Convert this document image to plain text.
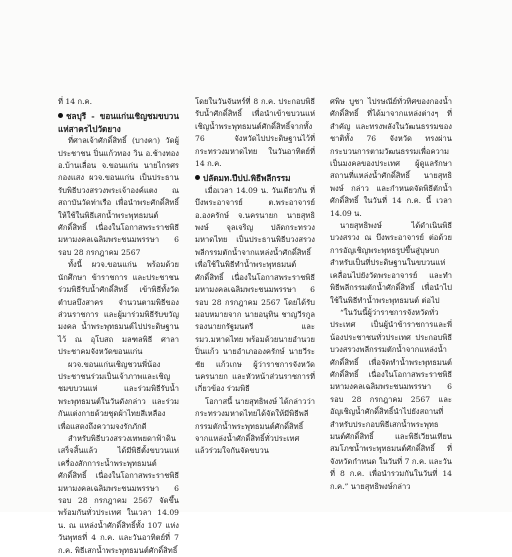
ที่ 14 ก.ค.

ชลบุรี - ขอนแก่นเชิญชมขบวนแห่สาครไปวัดยาง

ที่ศาลเจ้าศักดิ์สิทธิ์ (บางคา) วัดผู้ประชาชน ปิ่นแก้วทอง วิน อ.ช้างทอง อ.บ้านเลื่อน จ.ขอนแก่น นายไกรศร กองแสง ผวจ.ขอนแก่น เป็นประธานรับพิธีบวงสรวงพระเจ้าองค์แตง ณ สถาบันวัดท่าเรือ เพื่อนำพระศักดิ์สิทธิ์ ให้ใช้ในพิธีเสกน้ำพระพุทธมนต์ศักดิ์สิทธิ์ เนื่องในโอกาสพระราชพิธีมหามงคลเฉลิมพระชนมพรรษา 6 รอบ 28 กรกฎาคม 2567

ทั้งนี้ ผวจ.ขอนแก่น พร้อมด้วยนักศึกษา ข้าราชการ และประชาชนร่วมพิธีรับน้ำศักดิ์สิทธิ์ เข้าพิธีทั้งวัด ตำบลบึงสาคร จำนวนตามพิธีของส่วนราชการ และผู้มาร่วมพิธีรับขวัญมงคล น้ำพระพุทธมนต์ไปประดิษฐานไว้ ณ อุโบสถ มลฑลพิธี ศาลาประชาคมจังหวัดขอนแก่น

ผวจ.ขอนแก่นเชิญชวนพี่น้องประชาชนร่วมเป็นเจ้าภาพและเชิญชมขบวนแห่ และร่วมพิธีรับน้ำพระพุทธมนต์ในวันดังกล่าว และร่วมกันแต่งกายด้วยชุดผ้าไทยสีเหลือง เพื่อแสดงถึงความจงรักภักดี

สำหรับพิธีบวงสรวงเทพยดาฟ้าดินเสร็จสิ้นแล้ว ได้มีพิธีตั้งขบวนแห่เครื่องสักการะน้ำพระพุทธมนต์ศักดิ์สิทธิ์ เนื่องในโอกาสพระราชพิธีมหามงคลเฉลิมพระชนมพรรษา 6 รอบ 28 กรกฎาคม 2567 จัดขึ้นพร้อมกันทั่วประเทศ ในเวลา 14.09 น. ณ แหล่งน้ำศักดิ์สิทธิ์ทั้ง 107 แห่ง วันพุทธที่ 4 ก.ค. และวันอาทิตย์ที่ 7 ก.ค. พิธีเสกน้ำพระพุทธมนต์ศักดิ์สิทธิ์

โดยในวันจันทร์ที่ 8 ก.ค. ประกอบพิธีรับน้ำศักดิ์สิทธิ์ เพื่อนำเข้าขบวนแห่เชิญน้ำพระพุทธมนต์ศักดิ์สิทธิ์จากทั้ง 76 จังหวัดไปประดิษฐานไว้ที่ กระทรวงมหาดไทย ในวันอาทิตย์ที่ 14 ก.ค.

ปลัดมท.ปีปป.พิธีพลีกรรม

เมื่อเวลา 14.09 น. วันเดียวกัน ที่บึงพระอาจารย์ ต.พระอาจารย์ อ.องครักษ์ จ.นครนายก นายสุทธิพงษ์ จุลเจริญ ปลัดกระทรวงมหาดไทย เป็นประธานพิธีบวงสรวงพลีกรรมตักน้ำจากแหล่งน้ำศักดิ์สิทธิ์ เพื่อใช้ในพิธีทำน้ำพระพุทธมนต์ศักดิ์สิทธิ์ เนื่องในโอกาสพระราชพิธีมหามงคลเฉลิมพระชนมพรรษา 6 รอบ 28 กรกฎาคม 2567 โดยได้รับมอบหมายจาก นายอนุทิน ชาญวีรกูล รองนายกรัฐมนตรี และ รมว.มหาดไทย พร้อมด้วยนายอำนวย ปิ่นแก้ว นายอำเภอองครักษ์ นายวีระชัย แก้วเกษ ผู้ว่าราชการจังหวัดนครนายก และหัวหน้าส่วนราชการที่เกี่ยวข้อง ร่วมพิธี

โอกาสนี้ นายสุทธิพงษ์ ได้กล่าวว่า กระทรวงมหาดไทยได้จัดให้มีพิธีพลีกรรมตักน้ำพระพุทธมนต์ศักดิ์สิทธิ์จากแหล่งน้ำศักดิ์สิทธิ์ทั่วประเทศ แล้วร่วมใจกันจัดขบวน

ศพิษ บูชา ไปรษณีย์ทั่วทิศของกองน้ำศักดิ์สิทธิ์ ที่ได้มาจากแหล่งต่างๆ ที่สำคัญ และทรงพลังในวัฒนธรรมของชาติทั้ง 76 จังหวัด ทรงผ่านกระบวนการตามวัฒนธรรมเพื่อความเป็นมงคลของประเทศ ผู้ดูแลรักษาสถานที่แหล่งน้ำศักดิ์สิทธิ์ นายสุทธิพงษ์ กล่าว และกำหนดจัดพิธีตักน้ำศักดิ์สิทธิ์ ในวันที่ 14 ก.ค. นี้ เวลา 14.09 น.

นายสุทธิพงษ์ ได้ดำเนินพิธีบวงสรวง ณ บึงพระอาจารย์ ต่อด้วยการอัญเชิญพระพุทธรูปขึ้นสู่บุษบก สำหรับเป็นที่ประดิษฐานในขบวนแห่ เคลื่อนไปยังวัดพระอาจารย์ และทำพิธีพลีกรรมตักน้ำศักดิ์สิทธิ์ เพื่อนำไปใช้ในพิธีทำน้ำพระพุทธมนต์ ต่อไป

“ในวันนี้ผู้ว่าราชการจังหวัดทั่วประเทศ เป็นผู้นำข้าราชการและพี่น้องประชาชนทั่วประเทศ ประกอบพิธีบวงสรวงพลีกรรมตักน้ำจากแหล่งน้ำศักดิ์สิทธิ์ เพื่อจัดทำน้ำพระพุทธมนต์ศักดิ์สิทธิ์ เนื่องในโอกาสพระราชพิธีมหามงคลเฉลิมพระชนมพรรษา 6 รอบ 28 กรกฎาคม 2567 และอัญเชิญน้ำศักดิ์สิทธิ์นำไปยังสถานที่สำหรับประกอบพิธีเสกน้ำพระพุทธมนต์ศักดิ์สิทธิ์ และพิธีเวียนเทียนสมโภชน้ำพระพุทธมนต์ศักดิ์สิทธิ์ ที่จังหวัดกำหนด ในวันที่ 7 ก.ค. และวันที่ 8 ก.ค. เพื่อนำรวมกันในวันที่ 14 ก.ค.” นายสุทธิพงษ์กล่าว
